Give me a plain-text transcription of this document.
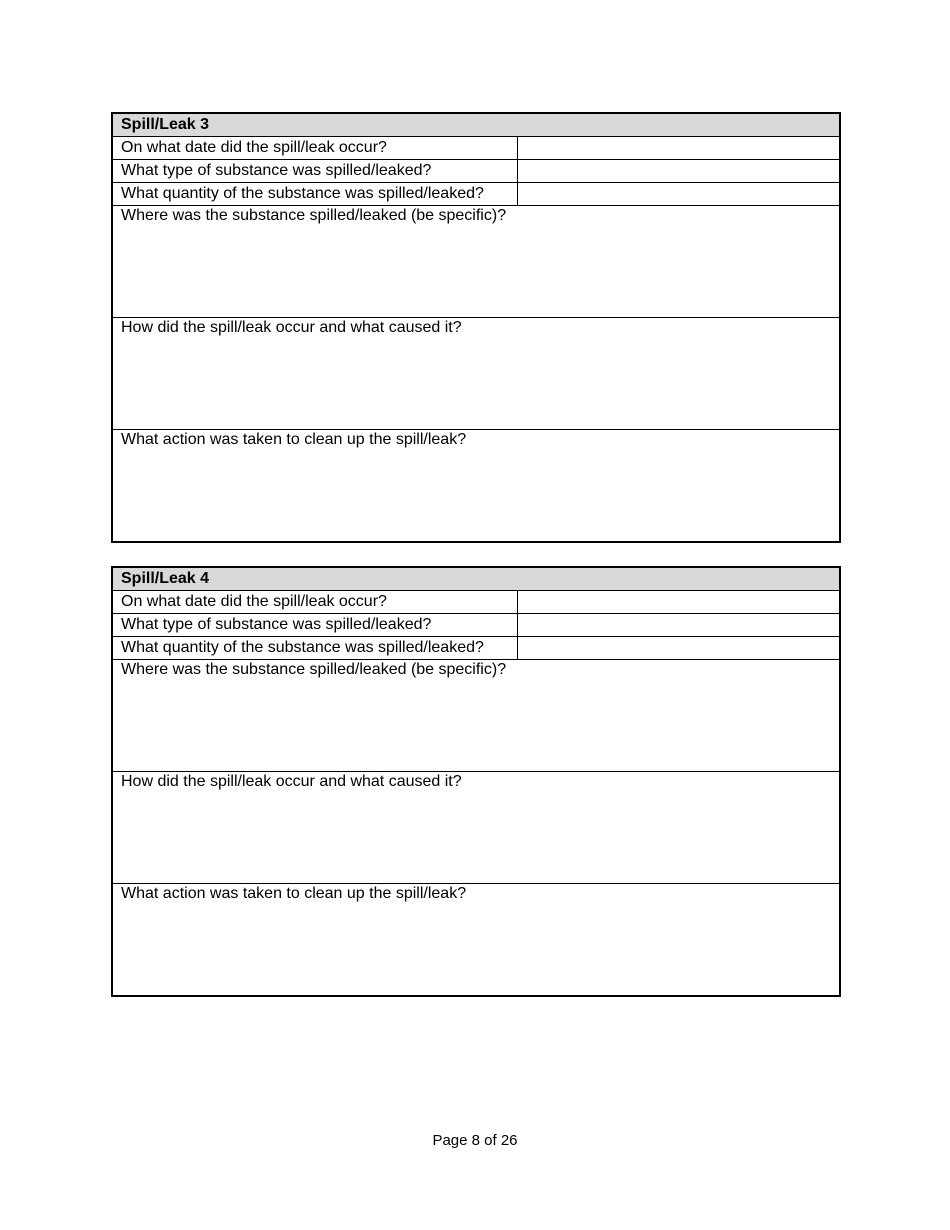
Spill/Leak 3	
On what date did the spill/leak occur?	
What type of substance was spilled/leaked?	
What quantity of the substance was spilled/leaked?	

Where was the substance spilled/leaked (be specific)?	

How did the spill/leak occur and what caused it?	

What action was taken to clean up the spill/leak?	
Spill/Leak 4	
On what date did the spill/leak occur?	
What type of substance was spilled/leaked?	
What quantity of the substance was spilled/leaked?	

Where was the substance spilled/leaked (be specific)?	

How did the spill/leak occur and what caused it?	

What action was taken to clean up the spill/leak?	
Page 8 of 26
